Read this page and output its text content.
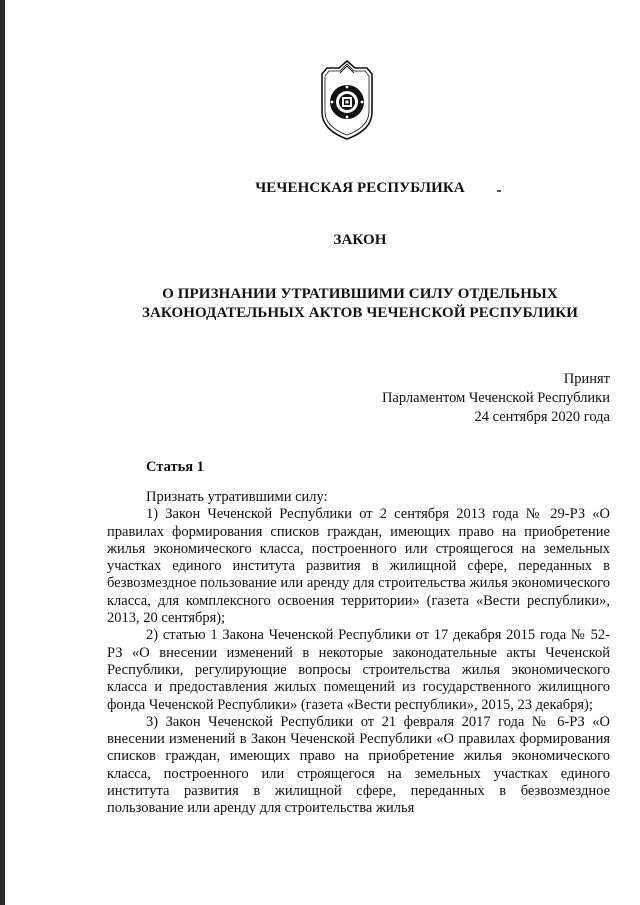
ЧЕЧЕНСКАЯ РЕСПУБЛИКА
ЗАКОН
О ПРИЗНАНИИ УТРАТИВШИМИ СИЛУ ОТДЕЛЬНЫХ
ЗАКОНОДАТЕЛЬНЫХ АКТОВ ЧЕЧЕНСКОЙ РЕСПУБЛИКИ
Принят
Парламентом Чеченской Республики
24 сентября 2020 года
Статья 1

Признать утратившими силу:

1) Закон Чеченской Республики от 2 сентября 2013 года № 29-РЗ «О правилах формирования списков граждан, имеющих право на приобретение жилья экономического класса, построенного или строящегося на земельных участках единого института развития в жилищной сфере, переданных в безвозмездное пользование или аренду для строительства жилья экономического класса, для комплексного освоения территории» (газета «Вести республики», 2013, 20 сентября);

2) статью 1 Закона Чеченской Республики от 17 декабря 2015 года № 52-РЗ «О внесении изменений в некоторые законодательные акты Чеченской Республики, регулирующие вопросы строительства жилья экономического класса и предоставления жилых помещений из государственного жилищного фонда Чеченской Республики» (газета «Вести республики», 2015, 23 декабря);

3) Закон Чеченской Республики от 21 февраля 2017 года № 6-РЗ «О внесении изменений в Закон Чеченской Республики «О правилах формирования списков граждан, имеющих право на приобретение жилья экономического класса, построенного или строящегося на земельных участках единого института развития в жилищной сфере, переданных в безвозмездное пользование или аренду для строительства жилья
